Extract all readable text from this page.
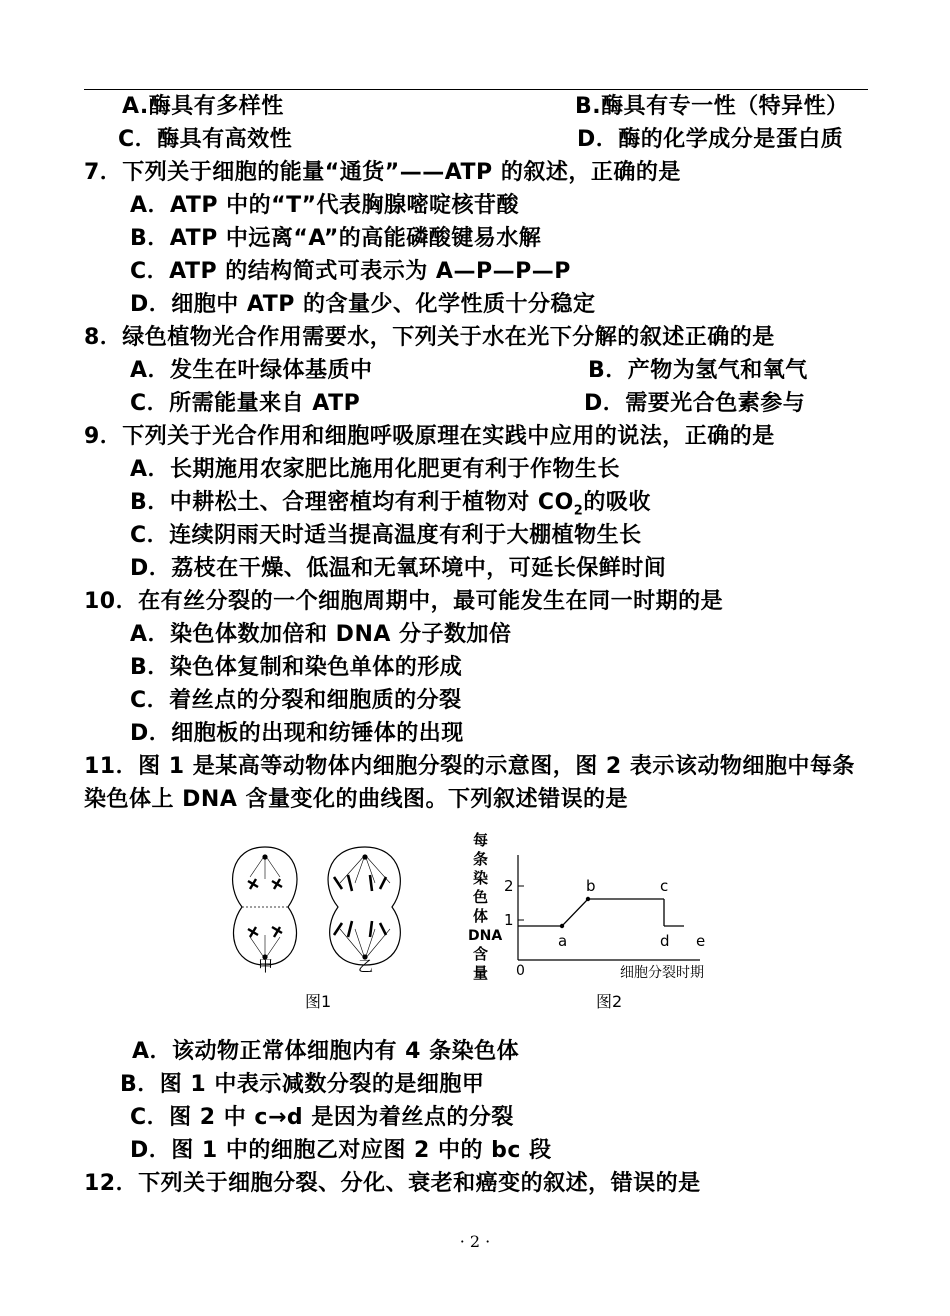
A.酶具有多样性	B.酶具有专一性（特异性）
C．酶具有高效性	D．酶的化学成分是蛋白质
7．下列关于细胞的能量“通货”——ATP 的叙述，正确的是
A．ATP 中的“T”代表胸腺嘧啶核苷酸
B．ATP 中远离“A”的高能磷酸键易水解
C．ATP 的结构简式可表示为 A—P—P—P
D．细胞中 ATP 的含量少、化学性质十分稳定
8．绿色植物光合作用需要水，下列关于水在光下分解的叙述正确的是
A．发生在叶绿体基质中	B．产物为氢气和氧气
C．所需能量来自 ATP	D．需要光合色素参与
9．下列关于光合作用和细胞呼吸原理在实践中应用的说法，正确的是
A．长期施用农家肥比施用化肥更有利于作物生长
B．中耕松土、合理密植均有利于植物对 $CO_2$的吸收
C．连续阴雨天时适当提高温度有利于大棚植物生长
D．荔枝在干燥、低温和无氧环境中，可延长保鲜时间
10．在有丝分裂的一个细胞周期中，最可能发生在同一时期的是
A．染色体数加倍和 DNA 分子数加倍
B．染色体复制和染色单体的形成
C．着丝点的分裂和细胞质的分裂
D．细胞板的出现和纺锤体的出现
11．图 1 是某高等动物体内细胞分裂的示意图，图 2 表示该动物细胞中每条
染色体上 DNA 含量变化的曲线图。下列叙述错误的是
甲	乙
图1
每
条
染
色
体
DNA
含
量
2
1
0	细胞分裂时期
a
b	c
d e
图2
A．该动物正常体细胞内有 4 条染色体
B．图 1 中表示减数分裂的是细胞甲
C．图 2 中 c→d 是因为着丝点的分裂
D．图 1 中的细胞乙对应图 2 中的 bc 段
12．下列关于细胞分裂、分化、衰老和癌变的叙述，错误的是
· 2 ·
